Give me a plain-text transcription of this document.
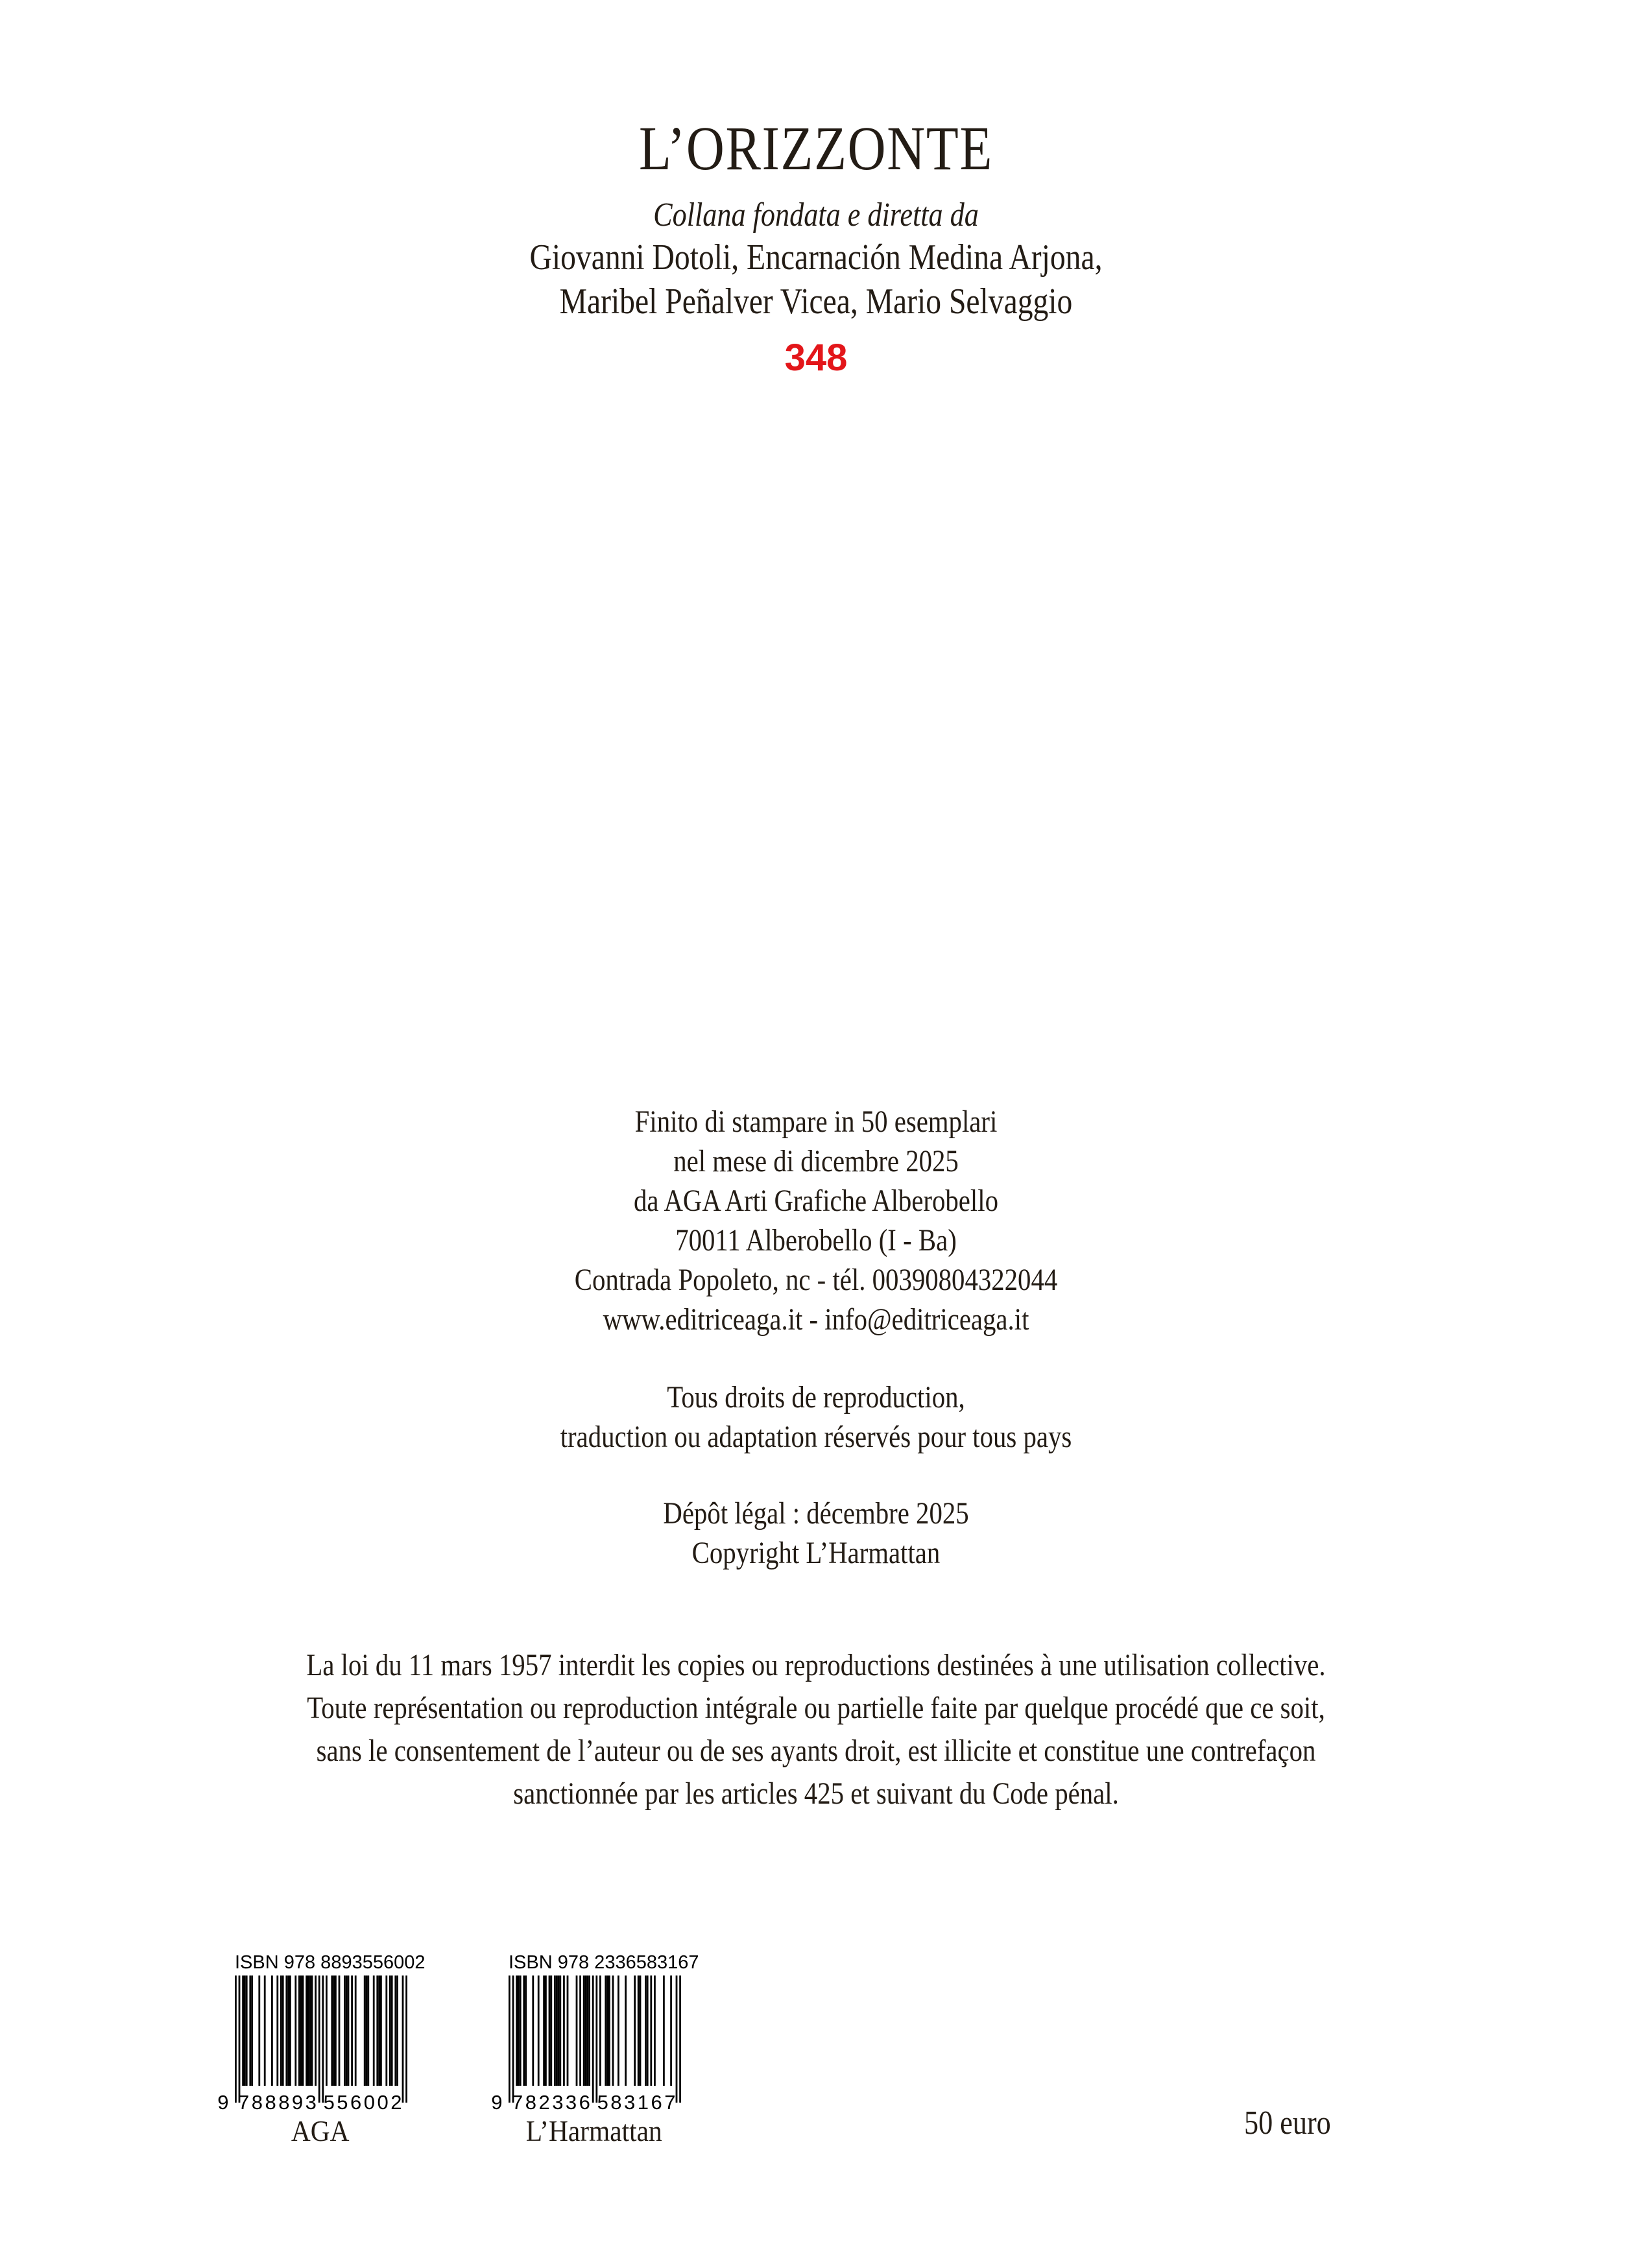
L’ORIZZONTE
Collana fondata e diretta da
Giovanni Dotoli, Encarnación Medina Arjona,
Maribel Peñalver Vicea, Mario Selvaggio
348
Finito di stampare in 50 esemplari
nel mese di dicembre 2025
da AGA Arti Grafiche Alberobello
70011 Alberobello (I - Ba)
Contrada Popoleto, nc - tél. 00390804322044
www.editriceaga.it - info@editriceaga.it
Tous droits de reproduction,
traduction ou adaptation réservés pour tous pays
Dépôt légal : décembre 2025
Copyright L’Harmattan
La loi du 11 mars 1957 interdit les copies ou reproductions destinées à une utilisation collective.
Toute représentation ou reproduction intégrale ou partielle faite par quelque procédé que ce soit,
sans le consentement de l’auteur ou de ses ayants droit, est illicite et constitue une contrefaçon
sanctionnée par les articles 425 et suivant du Code pénal.
ISBN 978 8893556002
9 788893 556002
AGA
ISBN 978 2336583167
9 782336 583167
L’Harmattan	50 euro
